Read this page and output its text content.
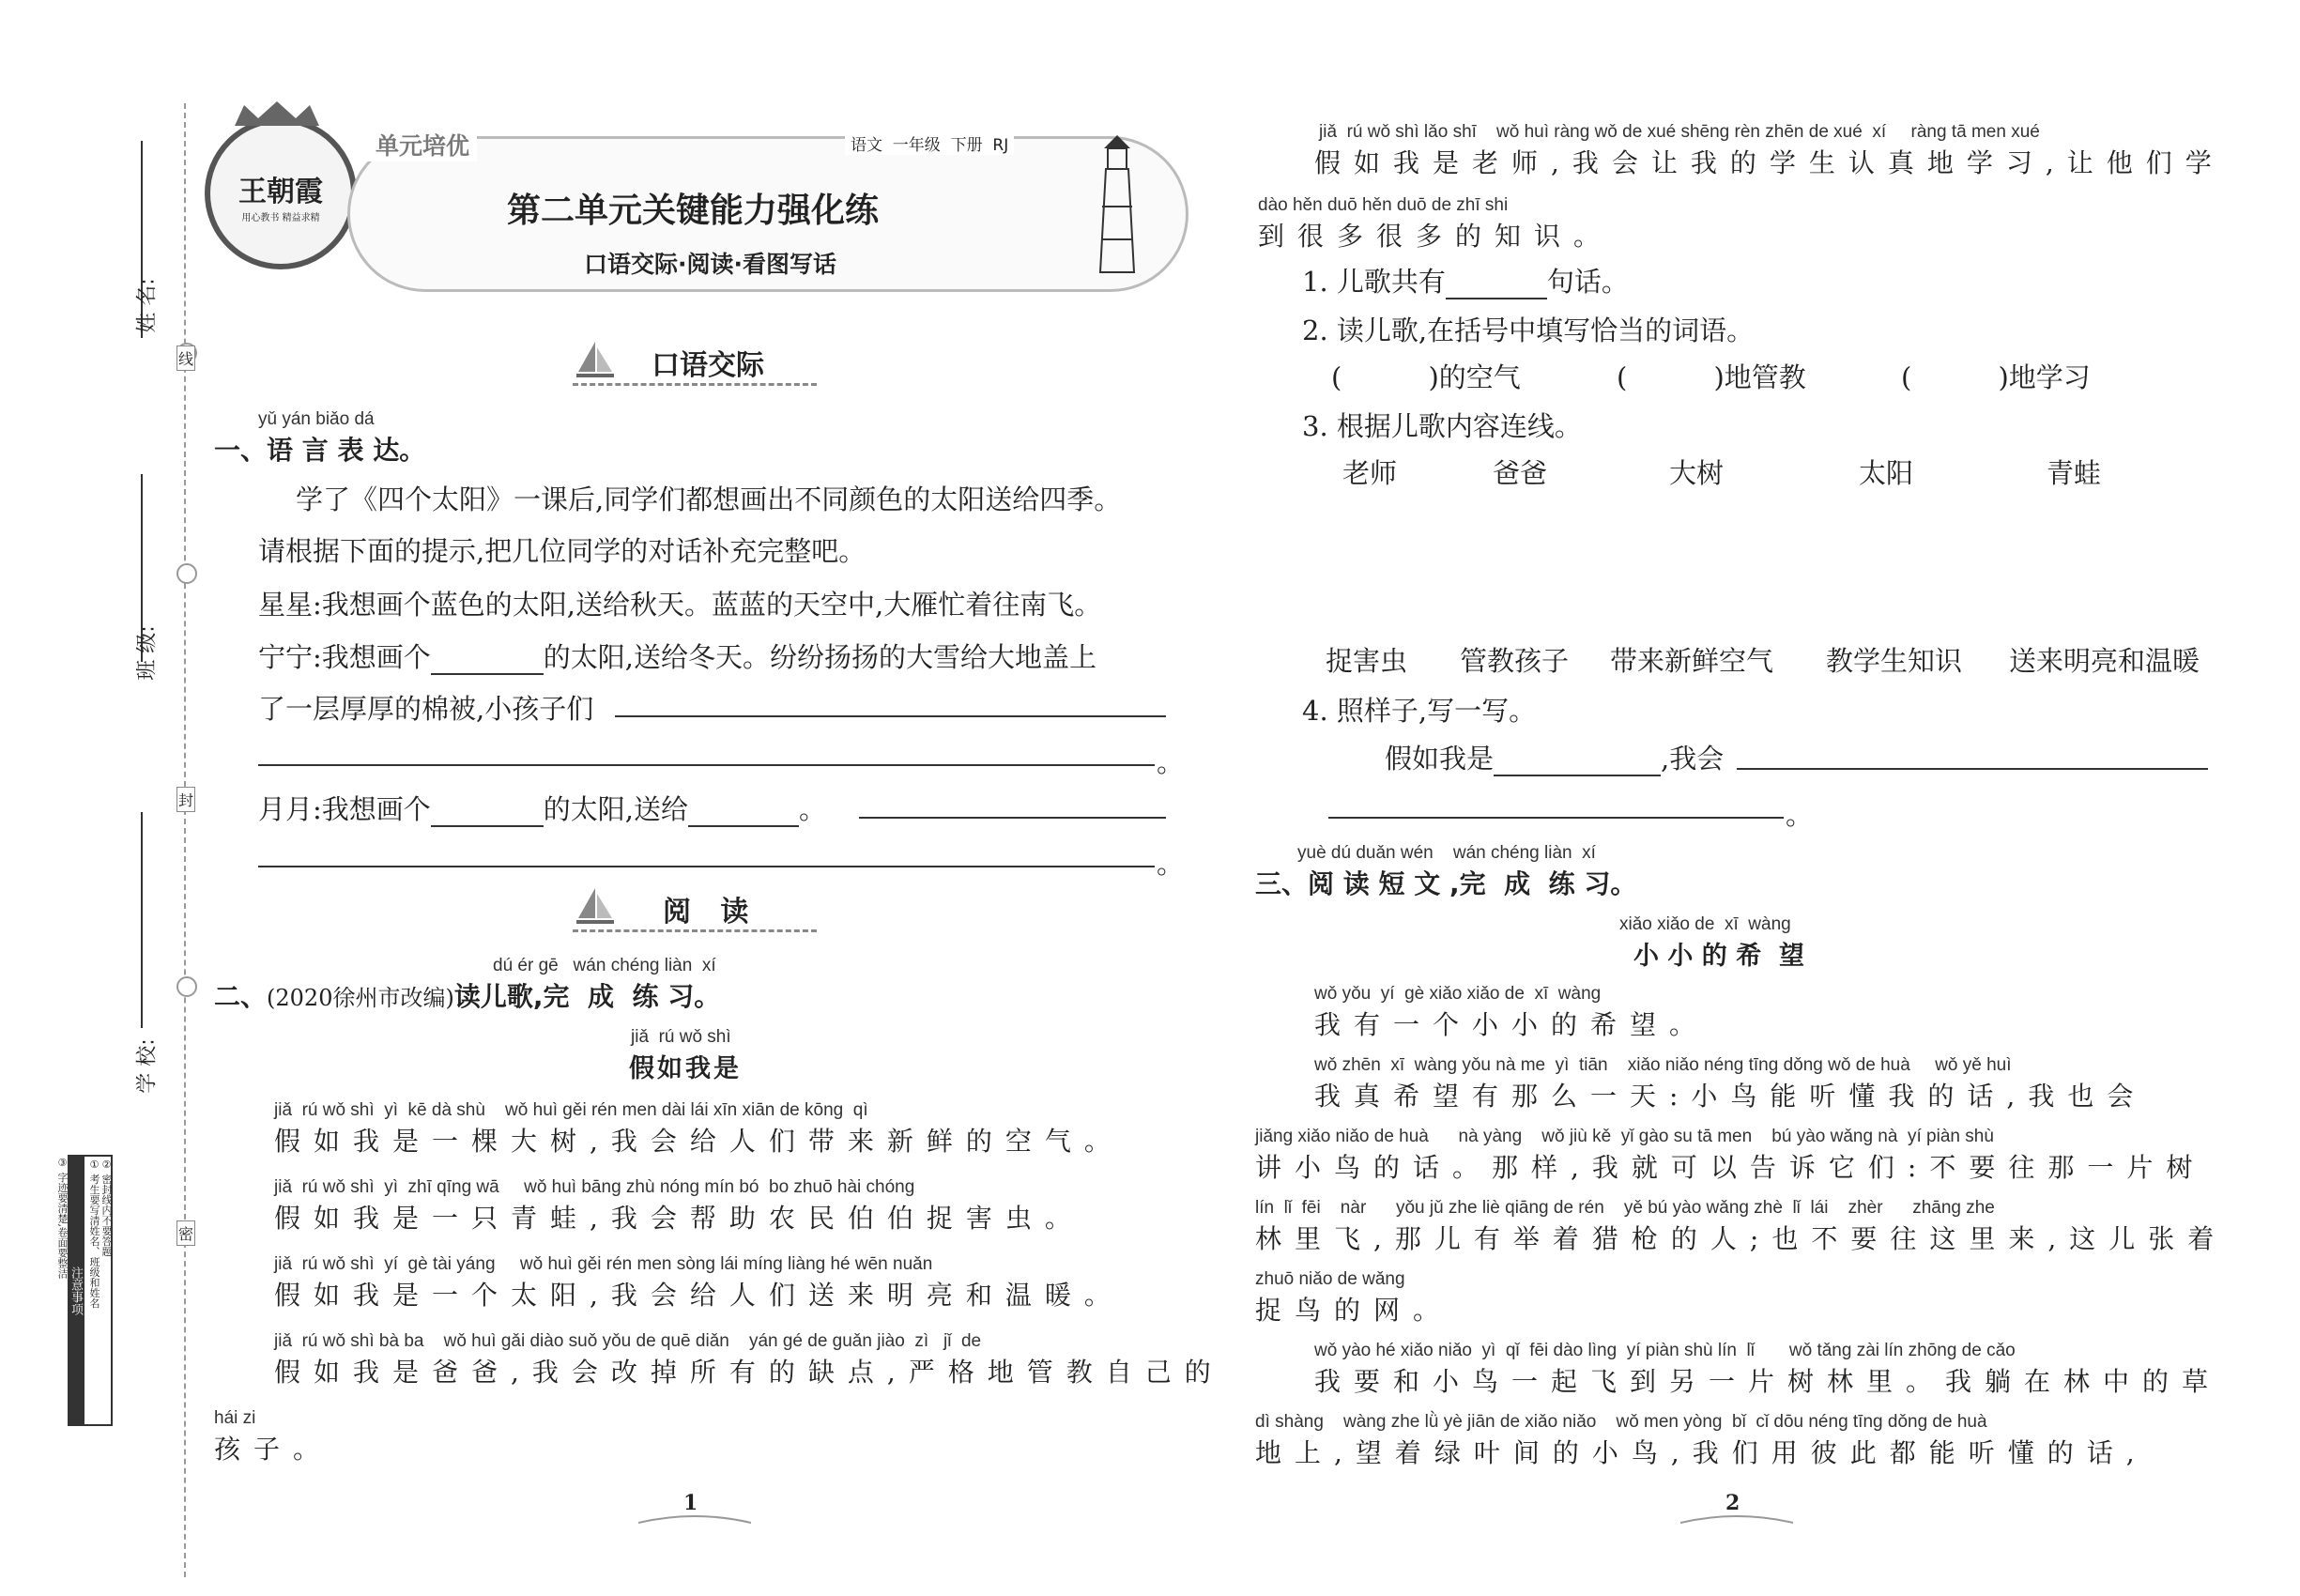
线
封
密
姓 名:
班 级:
学 校:
注意事项 ① 考生要写清姓名、班级和姓名 ② 密封线内不要答题
③ 字迹要清楚,卷面要整洁
王朝霞
用心教书 精益求精
单元培优	语文  一年级  下册  RJ
第二单元关键能力强化练
口语交际·阅读·看图写话
口语交际
yǔ yán biǎo dá
一、语 言 表 达。
学了《四个太阳》一课后,同学们都想画出不同颜色的太阳送给四季。
请根据下面的提示,把几位同学的对话补充完整吧。
星星:我想画个蓝色的太阳,送给秋天。蓝蓝的天空中,大雁忙着往南飞。
宁宁:我想画个	的太阳,送给冬天。纷纷扬扬的大雪给大地盖上
了一层厚厚的棉被,小孩子们
。
月月:我想画个	的太阳,送给	。
。
阅   读
dú ér gē   wán chéng liàn  xí
二、(2020徐州市改编)读儿歌,完  成  练 习。
jiǎ  rú wǒ shì
假如我是
jiǎ  rú wǒ shì  yì  kē dà shù    wǒ huì gěi rén men dài lái xīn xiān de kōng  qì
假如我是一棵大树,我会给人们带来新鲜的空气。
jiǎ  rú wǒ shì  yì  zhī qīng wā     wǒ huì bāng zhù nóng mín bó  bo zhuō hài chóng
假如我是一只青蛙,我会帮助农民伯伯捉害虫。
jiǎ  rú wǒ shì  yí  gè tài yáng     wǒ huì gěi rén men sòng lái míng liàng hé wēn nuǎn
假如我是一个太阳,我会给人们送来明亮和温暖。
jiǎ  rú wǒ shì bà ba    wǒ huì gǎi diào suǒ yǒu de quē diǎn    yán gé de guǎn jiào  zì   jǐ  de
假如我是爸爸,我会改掉所有的缺点,严格地管教自己的
hái zi
孩子。
1
jiǎ  rú wǒ shì lǎo shī    wǒ huì ràng wǒ de xué shēng rèn zhēn de xué  xí     ràng tā men xué
假如我是老师,我会让我的学生认真地学习,让他们学
dào hěn duō hěn duō de zhī shi
到很多很多的知识。
1. 儿歌共有	句话。
2. 读儿歌,在括号中填写恰当的词语。
(          )的空气	(          )地管教	(          )地学习
3. 根据儿歌内容连线。
老师	爸爸	大树	太阳	青蛙
捉害虫 管教孩子 带来新鲜空气 教学生知识 送来明亮和温暖
4. 照样子,写一写。
假如我是	,我会
。
yuè dú duǎn wén    wán chéng liàn  xí
三、阅 读 短 文 ,完  成  练 习。
xiǎo xiǎo de  xī  wàng
小 小 的 希  望
wǒ yǒu  yí  gè xiǎo xiǎo de  xī  wàng
我有一个小小的希望。
wǒ zhēn  xī  wàng yǒu nà me  yì  tiān    xiǎo niǎo néng tīng dǒng wǒ de huà     wǒ yě huì
我真希望有那么一天:小鸟能听懂我的话,我也会
jiǎng xiǎo niǎo de huà      nà yàng    wǒ jiù kě  yǐ gào su tā men    bú yào wǎng nà  yí piàn shù
讲小鸟的话。那样,我就可以告诉它们:不要往那一片树
lín  lǐ  fēi    nàr      yǒu jǔ zhe liè qiāng de rén    yě bú yào wǎng zhè  lǐ  lái    zhèr      zhāng zhe
林里飞,那儿有举着猎枪的人;也不要往这里来,这儿张着
zhuō niǎo de wǎng
捉鸟的网。
wǒ yào hé xiǎo niǎo  yì  qǐ  fēi dào lìng  yí piàn shù lín  lǐ       wǒ tǎng zài lín zhōng de cǎo
我要和小鸟一起飞到另一片树林里。我躺在林中的草
dì shàng    wàng zhe lǜ yè jiān de xiǎo niǎo    wǒ men yòng  bǐ  cǐ dōu néng tīng dǒng de huà
地上,望着绿叶间的小鸟,我们用彼此都能听懂的话,
2
